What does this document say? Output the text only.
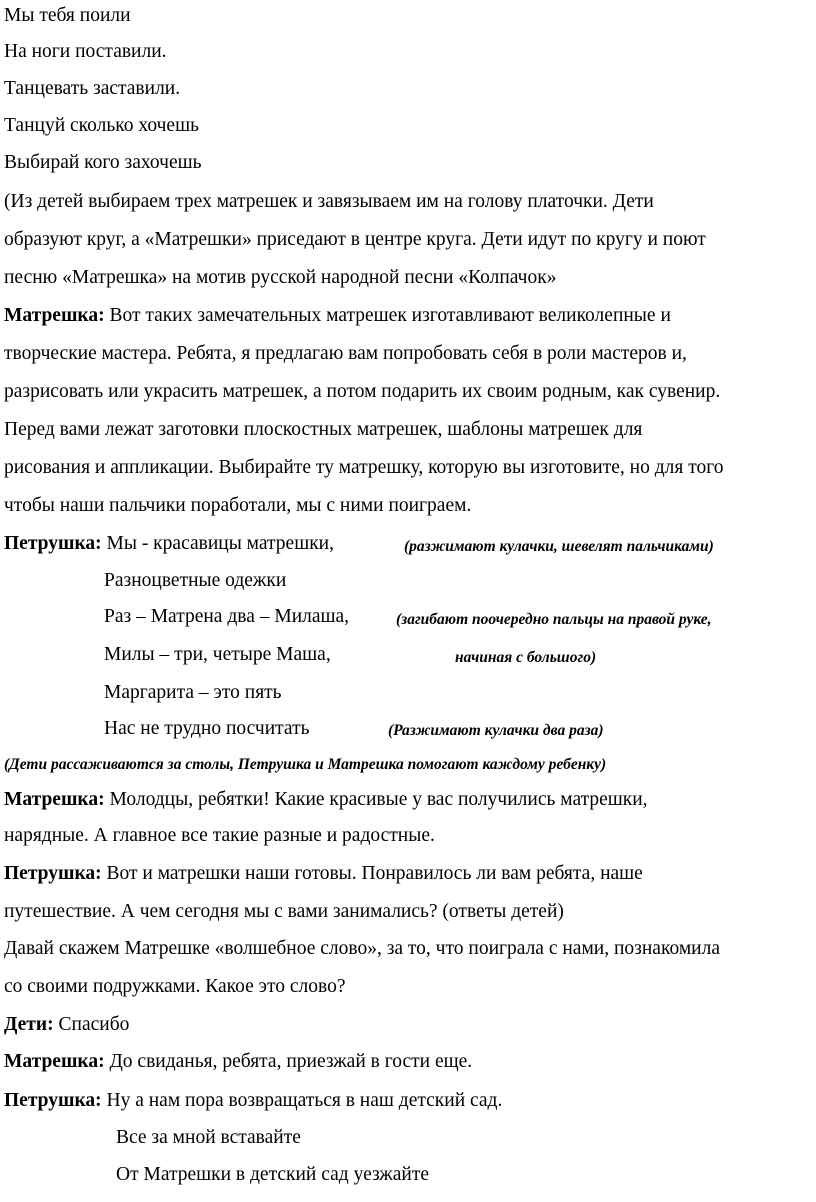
Мы тебя поили
На ноги поставили.
Танцевать заставили.
Танцуй сколько хочешь
Выбирай кого захочешь
(Из детей выбираем трех матрешек и завязываем им на голову платочки. Дети
образуют круг, а «Матрешки» приседают в центре круга. Дети идут по кругу и поют
песню «Матрешка» на мотив русской народной песни «Колпачок»
Матрешка: Вот таких замечательных матрешек изготавливают великолепные и
творческие мастера. Ребята, я предлагаю вам попробовать себя в роли мастеров и,
разрисовать или украсить матрешек, а потом подарить их своим родным, как сувенир.
Перед вами лежат заготовки плоскостных матрешек, шаблоны матрешек для
рисования и аппликации. Выбирайте ту матрешку, которую вы изготовите, но для того
чтобы наши пальчики поработали, мы с ними поиграем.
Петрушка: Мы - красавицы матрешки,	(разжимают кулачки, шевелят пальчиками)
Разноцветные одежки
Раз – Матрена два – Милаша,	(загибают поочередно пальцы на правой руке,
Милы – три, четыре Маша,	начиная с большого)
Маргарита – это пять
Нас не трудно посчитать	(Разжимают кулачки два раза)
(Дети рассаживаются за столы, Петрушка и Матрешка помогают каждому ребенку)
Матрешка: Молодцы, ребятки! Какие красивые у вас получились матрешки,
нарядные. А главное все такие разные и радостные.
Петрушка: Вот и матрешки наши готовы. Понравилось ли вам ребята, наше
путешествие. А чем сегодня мы с вами занимались? (ответы детей)
Давай скажем Матрешке «волшебное слово», за то, что поиграла с нами, познакомила
со своими подружками. Какое это слово?
Дети: Спасибо
Матрешка: До свиданья, ребята, приезжай в гости еще.
Петрушка: Ну а нам пора возвращаться в наш детский сад.
Все за мной вставайте
От Матрешки в детский сад уезжайте
